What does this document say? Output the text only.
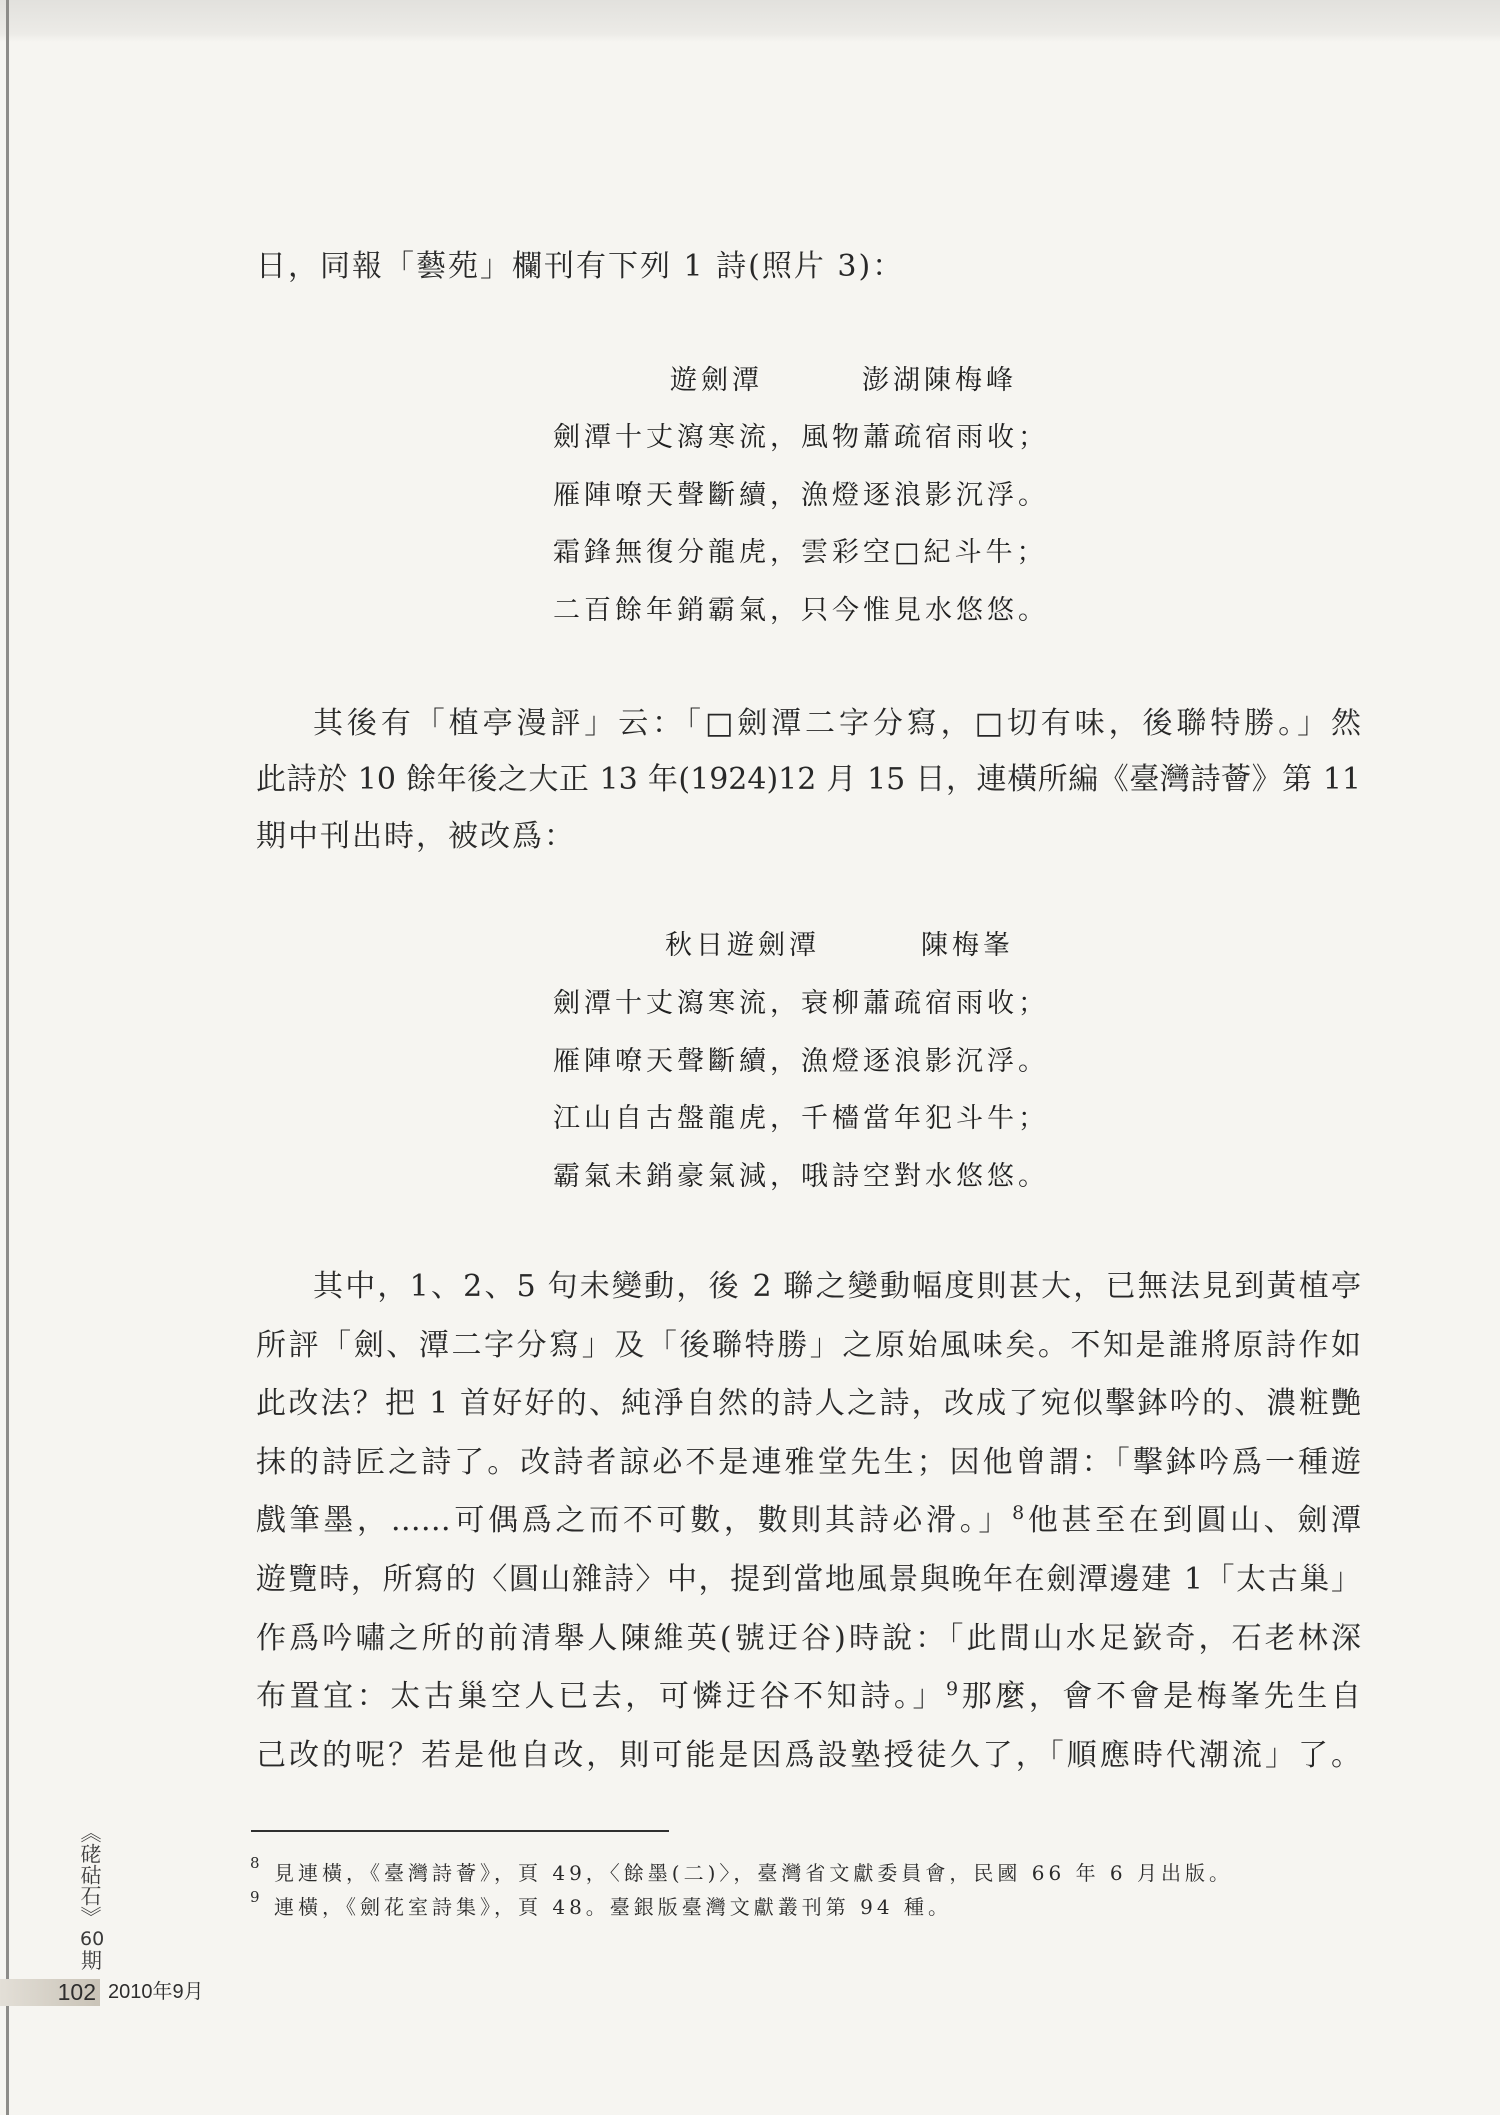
日，同報「藝苑」欄刊有下列 1 詩(照片 3)：
遊劍潭	澎湖陳梅峰
劍潭十丈瀉寒流，風物蕭疏宿雨收；
雁陣嘹天聲斷續，漁燈逐浪影沉浮。
霜鋒無復分龍虎，雲彩空□紀斗牛；
二百餘年銷霸氣，只今惟見水悠悠。
其後有「植亭漫評」云：「□劍潭二字分寫，□切有味，後聯特勝。」然
此詩於 10 餘年後之大正 13 年(1924)12 月 15 日，連橫所編《臺灣詩薈》第 11
期中刊出時，被改爲：
秋日遊劍潭	陳梅峯
劍潭十丈瀉寒流，衰柳蕭疏宿雨收；
雁陣嘹天聲斷續，漁燈逐浪影沉浮。
江山自古盤龍虎，千檣當年犯斗牛；
霸氣未銷豪氣減，哦詩空對水悠悠。
其中，1、2、5 句未變動，後 2 聯之變動幅度則甚大，已無法見到黃植亭
所評「劍、潭二字分寫」及「後聯特勝」之原始風味矣。不知是誰將原詩作如
此改法？把 1 首好好的、純淨自然的詩人之詩，改成了宛似擊鉢吟的、濃粧艷
抹的詩匠之詩了。改詩者諒必不是連雅堂先生；因他曾謂：「擊鉢吟爲一種遊
戲筆墨，……可偶爲之而不可數，數則其詩必滑。」$^8$他甚至在到圓山、劍潭
遊覽時，所寫的〈圓山雜詩〉中，提到當地風景與晚年在劍潭邊建 1「太古巢」
作爲吟嘯之所的前清舉人陳維英(號迂谷)時說：「此間山水足嶔奇，石老林深
布置宜：太古巢空人已去，可憐迂谷不知詩。」$^9$那麼，會不會是梅峯先生自
己改的呢？若是他自改，則可能是因爲設塾授徒久了，「順應時代潮流」了。
8 見連橫，《臺灣詩薈》，頁 49，〈餘墨(二)〉，臺灣省文獻委員會，民國 66 年 6 月出版。
9 連橫，《劍花室詩集》，頁 48。臺銀版臺灣文獻叢刊第 94 種。
《硓𥑮石》
60
期
102 2010年9月
